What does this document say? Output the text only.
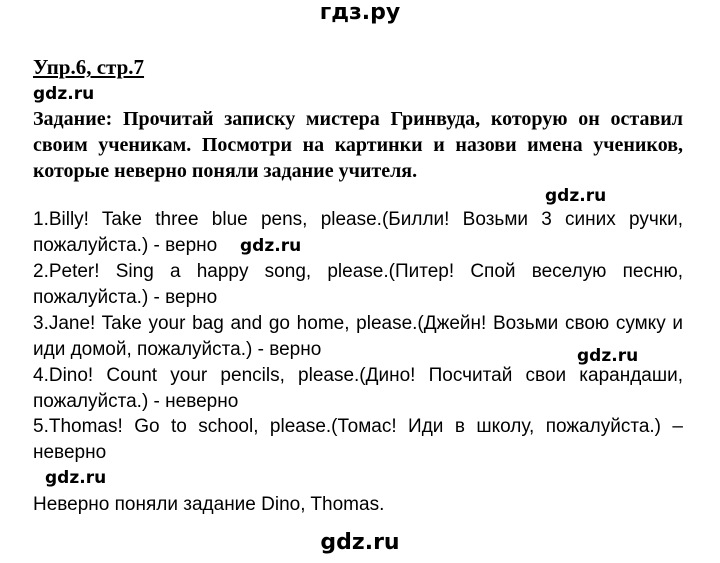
гдз.ру
Упр.6, стр.7
gdz.ru
Задание: Прочитай записку мистера Гринвуда, которую он оставил своим ученикам. Посмотри на картинки и назови имена учеников, которые неверно поняли задание учителя.
gdz.ru
1.Billy! Take three blue pens, please.(Билли! Возьми 3 синих ручки, пожалуйста.) - верно	gdz.ru
2.Peter! Sing a happy song, please.(Питер! Спой веселую песню, пожалуйста.) - верно
3.Jane! Take your bag and go home, please.(Джейн! Возьми свою сумку и иди домой, пожалуйста.) - верно	gdz.ru
4.Dino! Count your pencils, please.(Дино! Посчитай свои карандаши, пожалуйста.) - неверно
5.Thomas! Go to school, please.(Томас! Иди в школу, пожалуйста.) – неверно
gdz.ru
Неверно поняли задание Dino, Thomas.
gdz.ru
